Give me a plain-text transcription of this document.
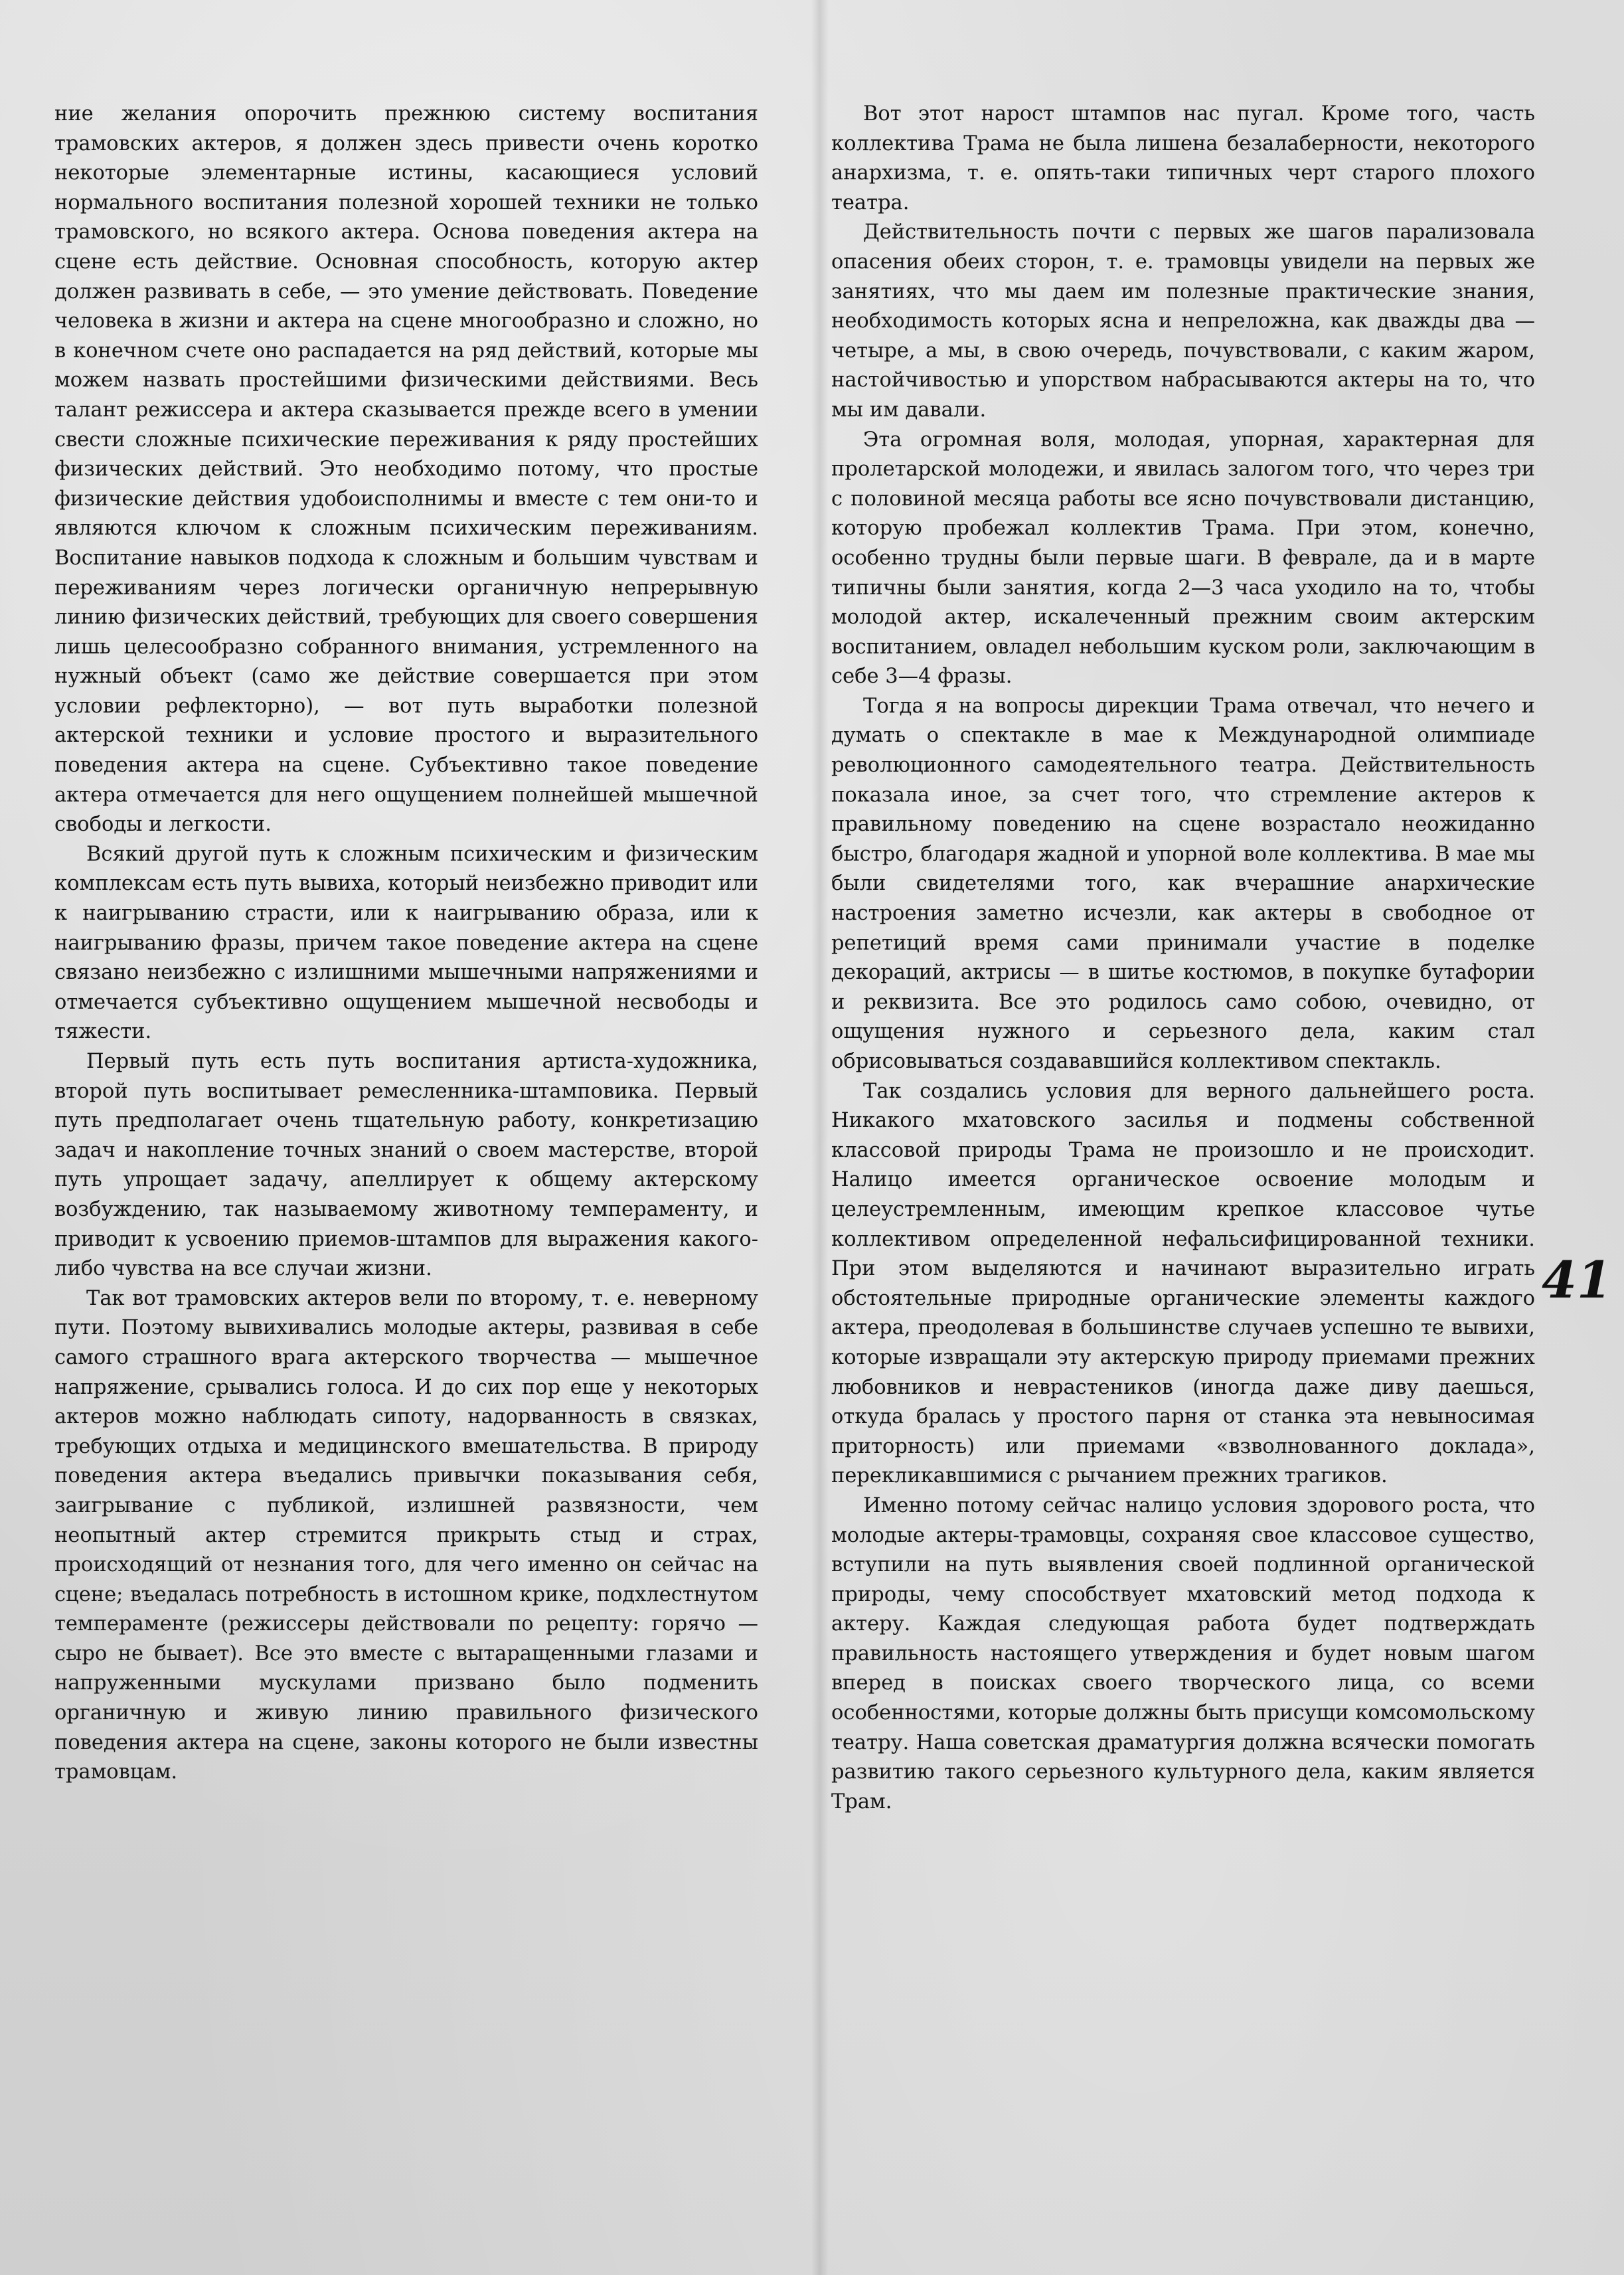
ние желания опорочить прежнюю систему воспитания трамовских актеров, я должен здесь привести очень коротко некоторые элементарные истины, касающиеся условий нормального воспитания полезной хорошей техники не только трамовского, но всякого актера. Основа поведения актера на сцене есть действие. Основная способность, которую актер должен развивать в себе, — это умение действовать. Поведение человека в жизни и актера на сцене многообразно и сложно, но в конечном счете оно распадается на ряд действий, которые мы можем назвать простейшими физическими действиями. Весь талант режиссера и актера сказывается прежде всего в умении свести сложные психические переживания к ряду простейших физических действий. Это необходимо потому, что простые физические действия удобоисполнимы и вместе с тем они-то и являются ключом к сложным психическим переживаниям. Воспитание навыков подхода к сложным и большим чувствам и переживаниям через логически органичную непрерывную линию физических действий, требующих для своего совершения лишь целесообразно собранного внимания, устремленного на нужный объект (само же действие совершается при этом условии рефлекторно), — вот путь выработки полезной актерской техники и условие простого и выразительного поведения актера на сцене. Субъективно такое поведение актера отмечается для него ощущением полнейшей мышечной свободы и легкости.

Всякий другой путь к сложным психическим и физическим комплексам есть путь вывиха, который неизбежно приводит или к наигрыванию страсти, или к наигрыванию образа, или к наигрыванию фразы, причем такое поведение актера на сцене связано неизбежно с излишними мышечными напряжениями и отмечается субъективно ощущением мышечной несвободы и тяжести.

Первый путь есть путь воспитания артиста-художника, второй путь воспитывает ремесленника-штамповика. Первый путь предполагает очень тщательную работу, конкретизацию задач и накопление точных знаний о своем мастерстве, второй путь упрощает задачу, апеллирует к общему актерскому возбуждению, так называемому животному темпераменту, и приводит к усвоению приемов-штампов для выражения какого-либо чувства на все случаи жизни.

Так вот трамовских актеров вели по второму, т. е. неверному пути. Поэтому вывихивались молодые актеры, развивая в себе самого страшного врага актерского творчества — мышечное напряжение, срывались голоса. И до сих пор еще у некоторых актеров можно наблюдать сипоту, надорванность в связках, требующих отдыха и медицинского вмешательства. В природу поведения актера въедались привычки показывания себя, заигрывание с публикой, излишней развязности, чем неопытный актер стремится прикрыть стыд и страх, происходящий от незнания того, для чего именно он сейчас на сцене; въедалась потребность в истошном крике, подхлестнутом темпераменте (режиссеры действовали по рецепту: горячо — сыро не бывает). Все это вместе с вытаращенными глазами и напруженными мускулами призвано было подменить органичную и живую линию правильного физического поведения актера на сцене, законы которого не были известны трамовцам.

Вот этот нарост штампов нас пугал. Кроме того, часть коллектива Трама не была лишена безалаберности, некоторого анархизма, т. е. опять-таки типичных черт старого плохого театра.

Действительность почти с первых же шагов парализовала опасения обеих сторон, т. е. трамовцы увидели на первых же занятиях, что мы даем им полезные практические знания, необходимость которых ясна и непреложна, как дважды два — четыре, а мы, в свою очередь, почувствовали, с каким жаром, настойчивостью и упорством набрасываются актеры на то, что мы им давали.

Эта огромная воля, молодая, упорная, характерная для пролетарской молодежи, и явилась залогом того, что через три с половиной месяца работы все ясно почувствовали дистанцию, которую пробежал коллектив Трама. При этом, конечно, особенно трудны были первые шаги. В феврале, да и в марте типичны были занятия, когда 2—3 часа уходило на то, чтобы молодой актер, искалеченный прежним своим актерским воспитанием, овладел небольшим куском роли, заключающим в себе 3—4 фразы.

Тогда я на вопросы дирекции Трама отвечал, что нечего и думать о спектакле в мае к Международной олимпиаде революционного самодеятельного театра. Действительность показала иное, за счет того, что стремление актеров к правильному поведению на сцене возрастало неожиданно быстро, благодаря жадной и упорной воле коллектива. В мае мы были свидетелями того, как вчерашние анархические настроения заметно исчезли, как актеры в свободное от репетиций время сами принимали участие в поделке декораций, актрисы — в шитье костюмов, в покупке бутафории и реквизита. Все это родилось само собою, очевидно, от ощущения нужного и серьезного дела, каким стал обрисовываться создававшийся коллективом спектакль.

Так создались условия для верного дальнейшего роста. Никакого мхатовского засилья и подмены собственной классовой природы Трама не произошло и не происходит. Налицо имеется органическое освоение молодым и целеустремленным, имеющим крепкое классовое чутье коллективом определенной нефальсифицированной техники. При этом выделяются и начинают выразительно играть обстоятельные природные органические элементы каждого актера, преодолевая в большинстве случаев успешно те вывихи, которые извращали эту актерскую природу приемами прежних любовников и неврастеников (иногда даже диву даешься, откуда бралась у простого парня от станка эта невыносимая приторность) или приемами «взволнованного доклада», перекликавшимися с рычанием прежних трагиков.

Именно потому сейчас налицо условия здорового роста, что молодые актеры-трамовцы, сохраняя свое классовое существо, вступили на путь выявления своей подлинной органической природы, чему способствует мхатовский метод подхода к актеру. Каждая следующая работа будет подтверждать правильность настоящего утверждения и будет новым шагом вперед в поисках своего творческого лица, со всеми особенностями, которые должны быть присущи комсомольскому театру. Наша советская драматургия должна всячески помогать развитию такого серьезного культурного дела, каким является Трам.

41
